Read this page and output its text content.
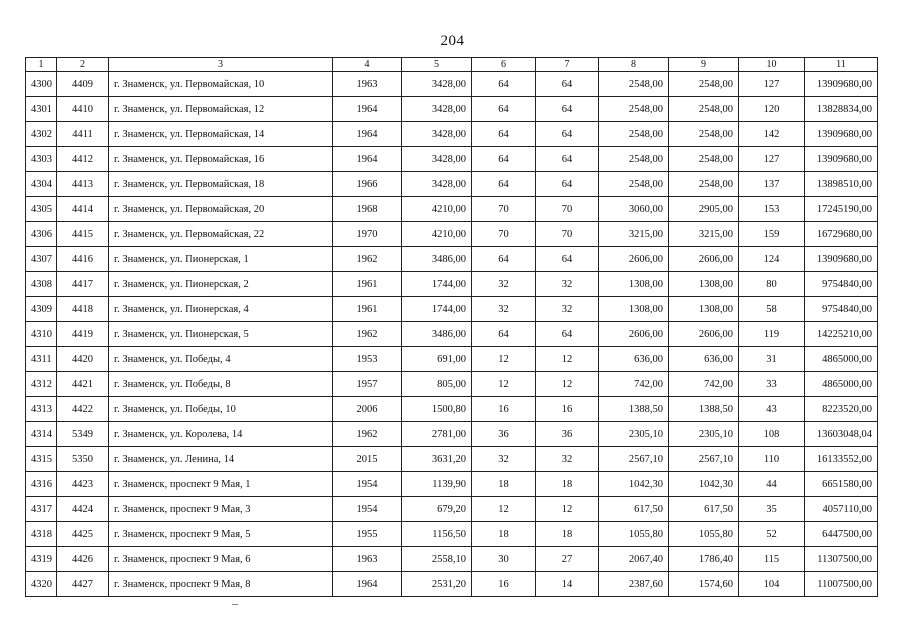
204
1	2	3	4	5	6	7	8	9	10	11
4300	4409	г. Знаменск, ул. Первомайская, 10	1963	3428,00	64	64	2548,00	2548,00	127	13909680,00
4301	4410	г. Знаменск, ул. Первомайская, 12	1964	3428,00	64	64	2548,00	2548,00	120	13828834,00
4302	4411	г. Знаменск, ул. Первомайская, 14	1964	3428,00	64	64	2548,00	2548,00	142	13909680,00
4303	4412	г. Знаменск, ул. Первомайская, 16	1964	3428,00	64	64	2548,00	2548,00	127	13909680,00
4304	4413	г. Знаменск, ул. Первомайская, 18	1966	3428,00	64	64	2548,00	2548,00	137	13898510,00
4305	4414	г. Знаменск, ул. Первомайская, 20	1968	4210,00	70	70	3060,00	2905,00	153	17245190,00
4306	4415	г. Знаменск, ул. Первомайская, 22	1970	4210,00	70	70	3215,00	3215,00	159	16729680,00
4307	4416	г. Знаменск, ул. Пионерская, 1	1962	3486,00	64	64	2606,00	2606,00	124	13909680,00
4308	4417	г. Знаменск, ул. Пионерская, 2	1961	1744,00	32	32	1308,00	1308,00	80	9754840,00
4309	4418	г. Знаменск, ул. Пионерская, 4	1961	1744,00	32	32	1308,00	1308,00	58	9754840,00
4310	4419	г. Знаменск, ул. Пионерская, 5	1962	3486,00	64	64	2606,00	2606,00	119	14225210,00
4311	4420	г. Знаменск, ул. Победы, 4	1953	691,00	12	12	636,00	636,00	31	4865000,00
4312	4421	г. Знаменск, ул. Победы, 8	1957	805,00	12	12	742,00	742,00	33	4865000,00
4313	4422	г. Знаменск, ул. Победы, 10	2006	1500,80	16	16	1388,50	1388,50	43	8223520,00
4314	5349	г. Знаменск, ул. Королева, 14	1962	2781,00	36	36	2305,10	2305,10	108	13603048,04
4315	5350	г. Знаменск, ул. Ленина, 14	2015	3631,20	32	32	2567,10	2567,10	110	16133552,00
4316	4423	г. Знаменск, проспект 9 Мая, 1	1954	1139,90	18	18	1042,30	1042,30	44	6651580,00
4317	4424	г. Знаменск, проспект 9 Мая, 3	1954	679,20	12	12	617,50	617,50	35	4057110,00
4318	4425	г. Знаменск, проспект 9 Мая, 5	1955	1156,50	18	18	1055,80	1055,80	52	6447500,00
4319	4426	г. Знаменск, проспект 9 Мая, 6	1963	2558,10	30	27	2067,40	1786,40	115	11307500,00
4320	4427	г. Знаменск, проспект 9 Мая, 8	1964	2531,20	16	14	2387,60	1574,60	104	11007500,00
